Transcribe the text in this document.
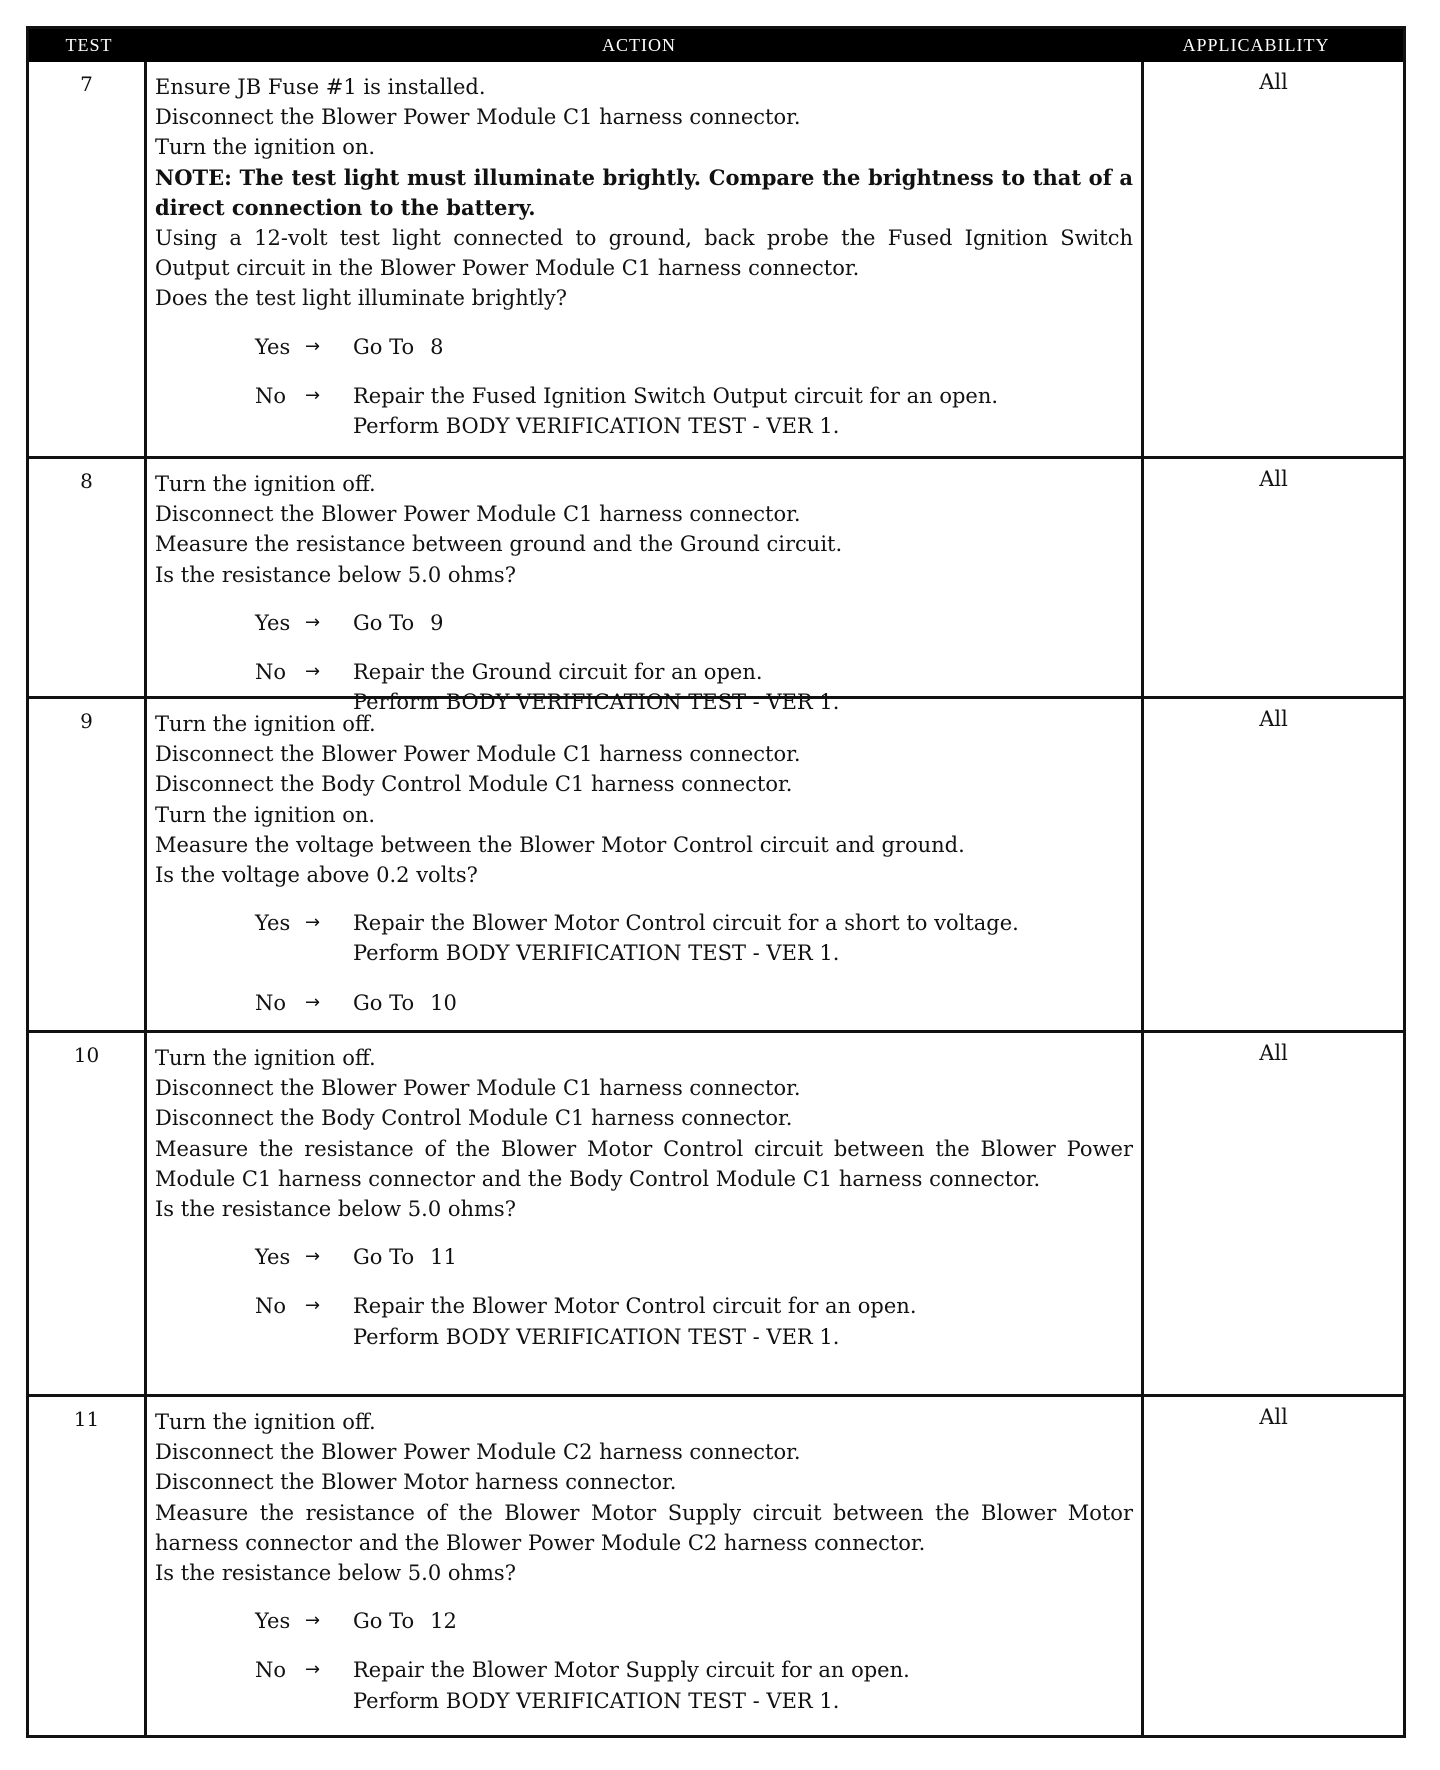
TEST	ACTION	APPLICABILITY
7	Ensure JB Fuse #1 is installed.
Disconnect the Blower Power Module C1 harness connector.
Turn the ignition on.
NOTE: The test light must illuminate brightly. Compare the brightness to that of a direct connection to the battery.
Using a 12-volt test light connected to ground, back probe the Fused Ignition Switch Output circuit in the Blower Power Module C1 harness connector.
Does the test light illuminate brightly?
Yes →	Go To 8
No	→	Repair the Fused Ignition Switch Output circuit for an open.
Perform BODY VERIFICATION TEST - VER 1.
All
8	Turn the ignition off.
Disconnect the Blower Power Module C1 harness connector.
Measure the resistance between ground and the Ground circuit.
Is the resistance below 5.0 ohms?
Yes →	Go To 9
No	→	Repair the Ground circuit for an open.
Perform BODY VERIFICATION TEST - VER 1.
All
9	Turn the ignition off.
Disconnect the Blower Power Module C1 harness connector.
Disconnect the Body Control Module C1 harness connector.
Turn the ignition on.
Measure the voltage between the Blower Motor Control circuit and ground.
Is the voltage above 0.2 volts?
Yes →	Repair the Blower Motor Control circuit for a short to voltage.
Perform BODY VERIFICATION TEST - VER 1.
No	→	Go To 10
All
10	Turn the ignition off.
Disconnect the Blower Power Module C1 harness connector.
Disconnect the Body Control Module C1 harness connector.
Measure the resistance of the Blower Motor Control circuit between the Blower Power Module C1 harness connector and the Body Control Module C1 harness connector.
Is the resistance below 5.0 ohms?
Yes →	Go To 11
No	→	Repair the Blower Motor Control circuit for an open.
Perform BODY VERIFICATION TEST - VER 1.
All
11	Turn the ignition off.
Disconnect the Blower Power Module C2 harness connector.
Disconnect the Blower Motor harness connector.
Measure the resistance of the Blower Motor Supply circuit between the Blower Motor harness connector and the Blower Power Module C2 harness connector.
Is the resistance below 5.0 ohms?
Yes →	Go To 12
No	→	Repair the Blower Motor Supply circuit for an open.
Perform BODY VERIFICATION TEST - VER 1.
All
